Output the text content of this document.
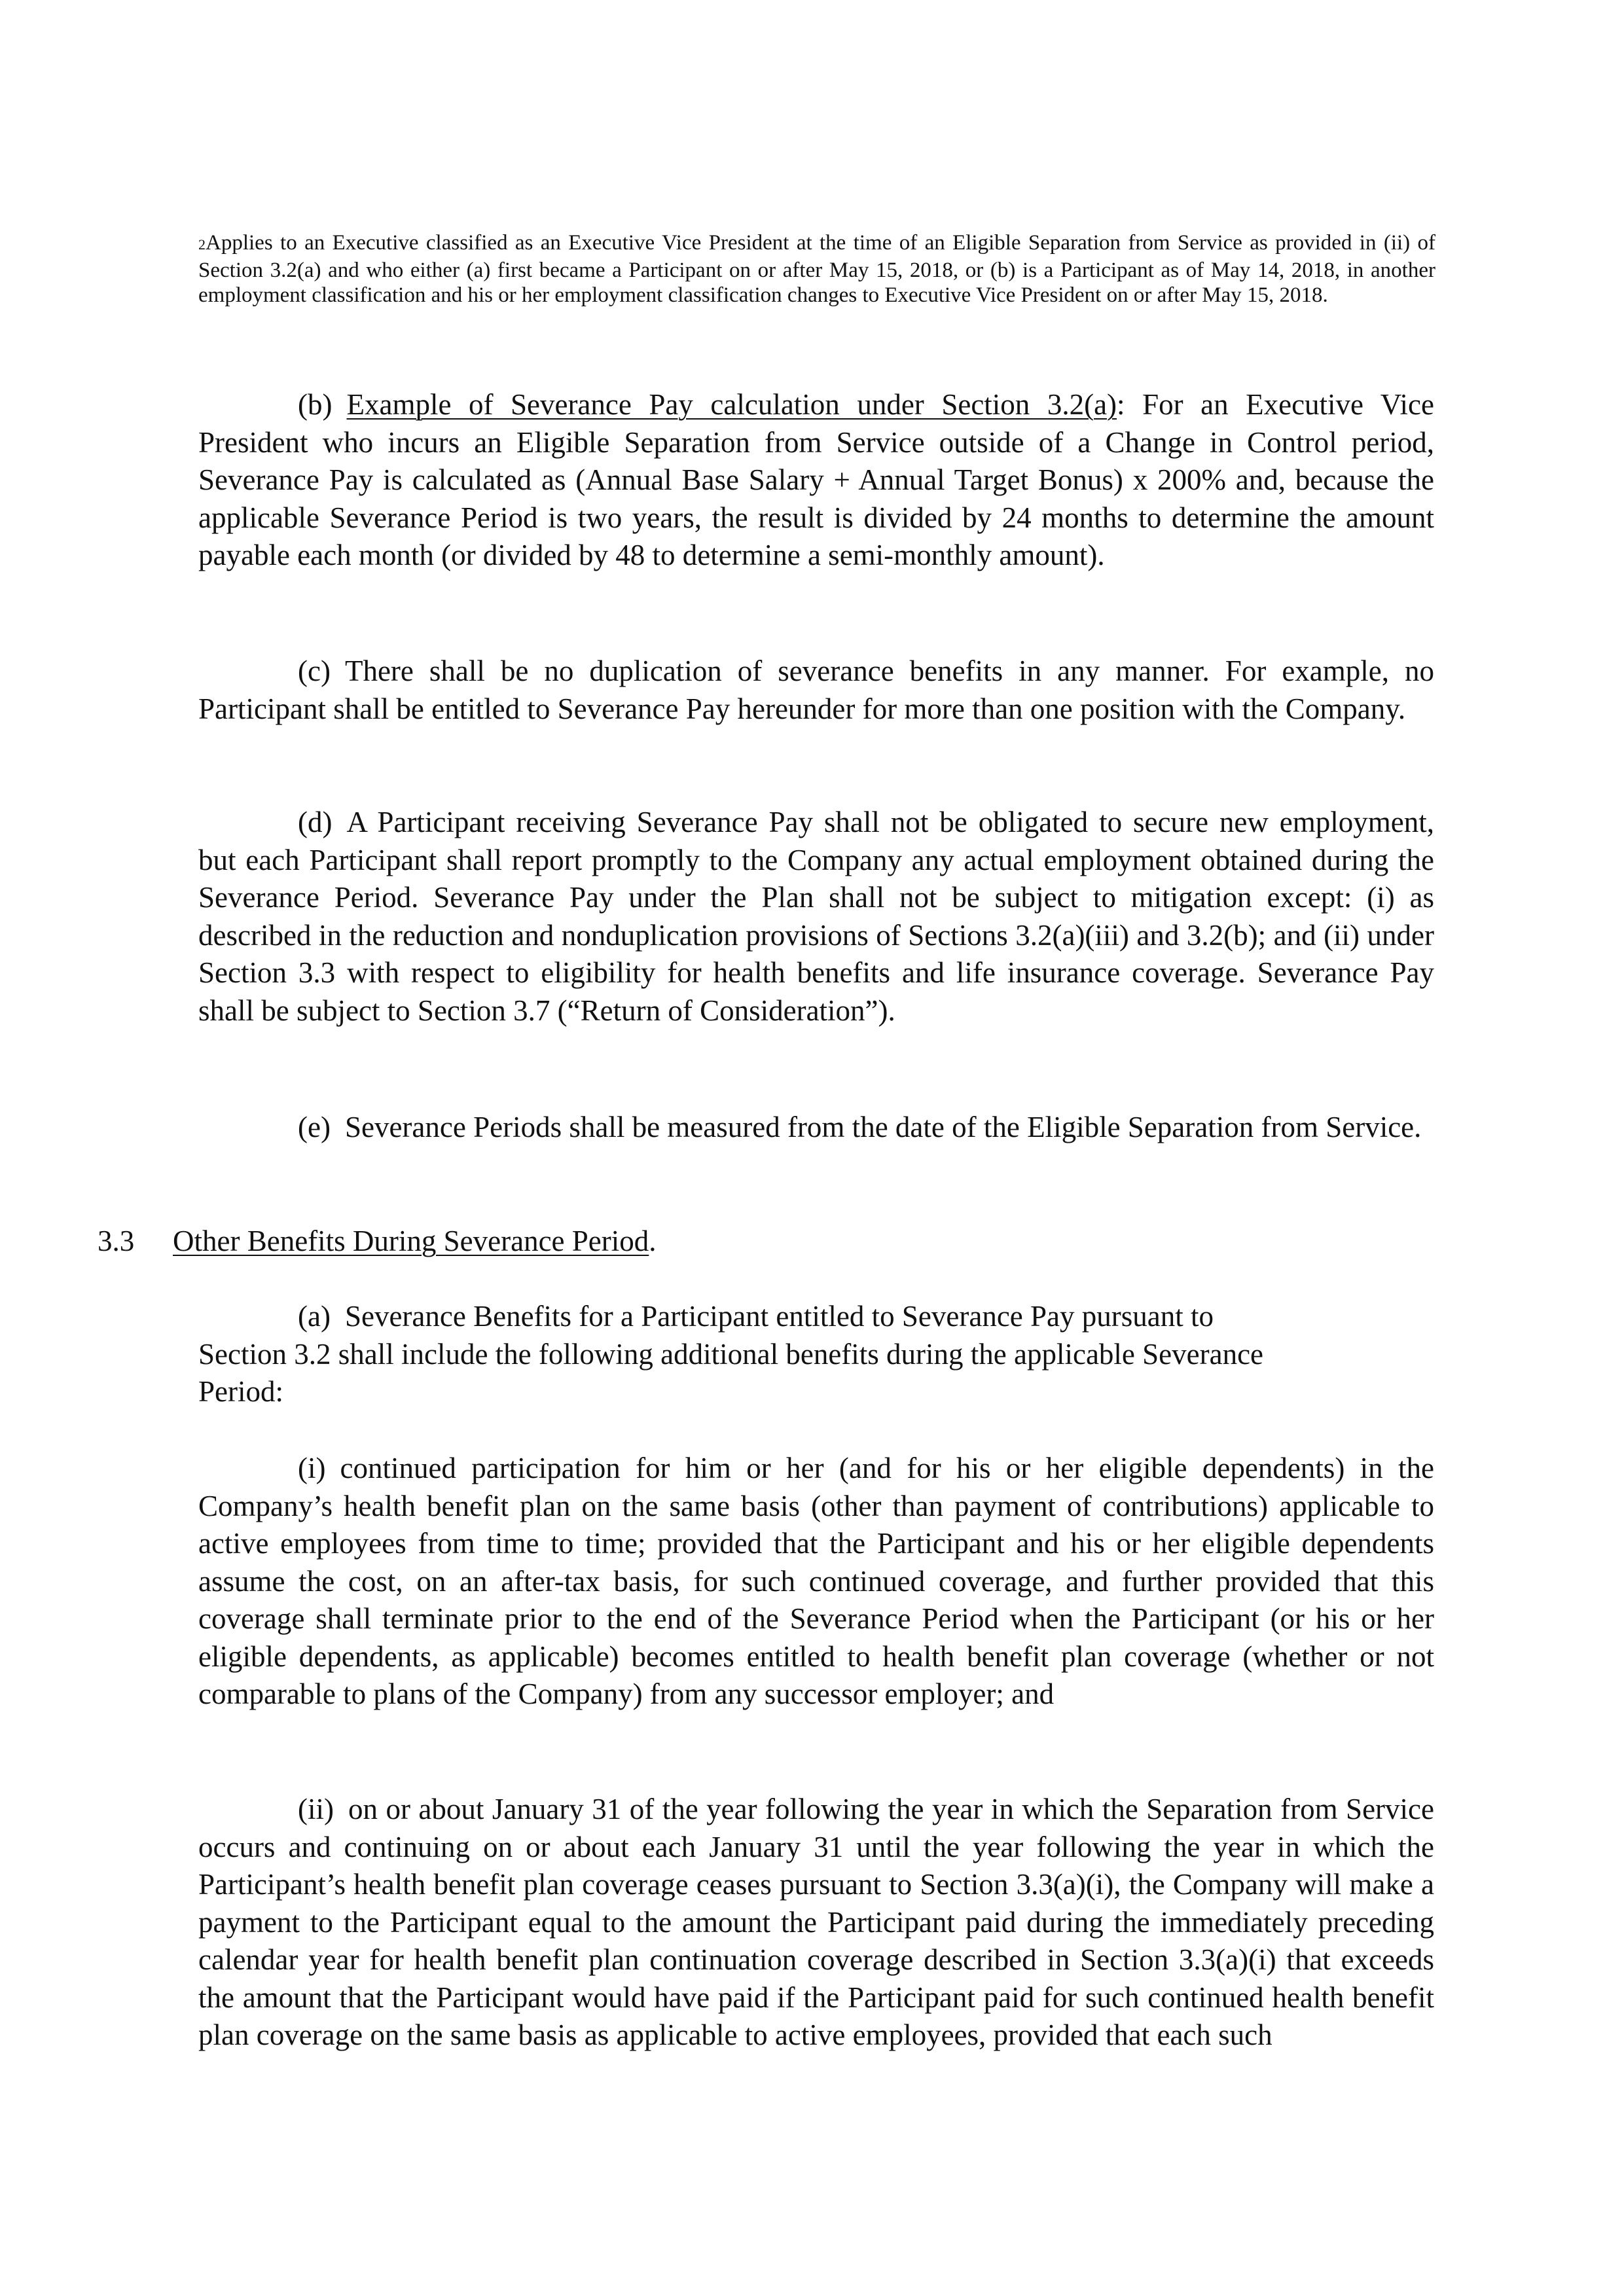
2Applies to an Executive classified as an Executive Vice President at the time of an Eligible Separation from Service as provided in (ii) of Section 3.2(a) and who either (a) first became a Participant on or after May 15, 2018, or (b) is a Participant as of May 14, 2018, in another employment classification and his or her employment classification changes to Executive Vice President on or after May 15, 2018.
(b) Example of Severance Pay calculation under Section 3.2(a): For an Executive Vice President who incurs an Eligible Separation from Service outside of a Change in Control period, Severance Pay is calculated as (Annual Base Salary + Annual Target Bonus) x 200% and, because the applicable Severance Period is two years, the result is divided by 24 months to determine the amount payable each month (or divided by 48 to determine a semi-monthly amount).
(c) There shall be no duplication of severance benefits in any manner. For example, no Participant shall be entitled to Severance Pay hereunder for more than one position with the Company.
(d) A Participant receiving Severance Pay shall not be obligated to secure new employment, but each Participant shall report promptly to the Company any actual employment obtained during the Severance Period. Severance Pay under the Plan shall not be subject to mitigation except: (i) as described in the reduction and nonduplication provisions of Sections 3.2(a)(iii) and 3.2(b); and (ii) under Section 3.3 with respect to eligibility for health benefits and life insurance coverage. Severance Pay shall be subject to Section 3.7 (“Return of Consideration”).
(e) Severance Periods shall be measured from the date of the Eligible Separation from Service.
3.3 Other Benefits During Severance Period.
(a) Severance Benefits for a Participant entitled to Severance Pay pursuant to
Section 3.2 shall include the following additional benefits during the applicable Severance
Period:
(i) continued participation for him or her (and for his or her eligible dependents) in the Company’s health benefit plan on the same basis (other than payment of contributions) applicable to active employees from time to time; provided that the Participant and his or her eligible dependents assume the cost, on an after-tax basis, for such continued coverage, and further provided that this coverage shall terminate prior to the end of the Severance Period when the Participant (or his or her eligible dependents, as applicable) becomes entitled to health benefit plan coverage (whether or not comparable to plans of the Company) from any successor employer; and
(ii) on or about January 31 of the year following the year in which the Separation from Service occurs and continuing on or about each January 31 until the year following the year in which the Participant’s health benefit plan coverage ceases pursuant to Section 3.3(a)(i), the Company will make a payment to the Participant equal to the amount the Participant paid during the immediately preceding calendar year for health benefit plan continuation coverage described in Section 3.3(a)(i) that exceeds the amount that the Participant would have paid if the Participant paid for such continued health benefit plan coverage on the same basis as applicable to active employees, provided that each such
